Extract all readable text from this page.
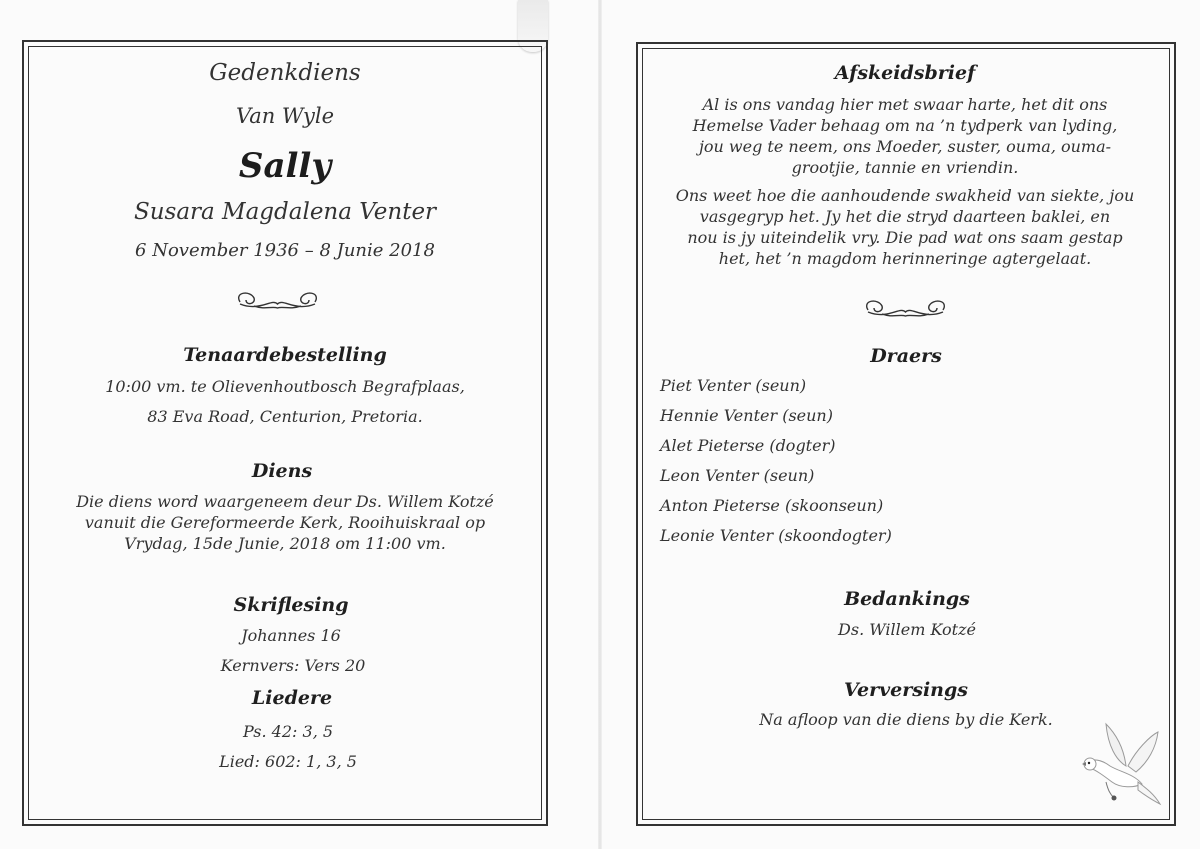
Gedenkdiens

Van Wyle

Sally

Susara Magdalena Venter

6 November 1936 – 8 Junie 2018

Tenaardebestelling

10:00 vm. te Olievenhoutbosch Begrafplaas,

83 Eva Road, Centurion, Pretoria.

Diens

Die diens word waargeneem deur Ds. Willem Kotzé

vanuit die Gereformeerde Kerk, Rooihuiskraal op

Vrydag, 15de Junie, 2018 om 11:00 vm.

Skriflesing

Johannes 16

Kernvers: Vers 20

Liedere

Ps. 42: 3, 5

Lied: 602: 1, 3, 5

Afskeidsbrief

Al is ons vandag hier met swaar harte, het dit ons

Hemelse Vader behaag om na ’n tydperk van lyding,

jou weg te neem, ons Moeder, suster, ouma, ouma-

grootjie, tannie en vriendin.

Ons weet hoe die aanhoudende swakheid van siekte, jou

vasgegryp het. Jy het die stryd daarteen baklei, en

nou is jy uiteindelik vry. Die pad wat ons saam gestap

het, het ’n magdom herinneringe agtergelaat.

Draers

Piet Venter (seun)

Hennie Venter (seun)

Alet Pieterse (dogter)

Leon Venter (seun)

Anton Pieterse (skoonseun)

Leonie Venter (skoondogter)

Bedankings

Ds. Willem Kotzé

Verversings

Na afloop van die diens by die Kerk.
